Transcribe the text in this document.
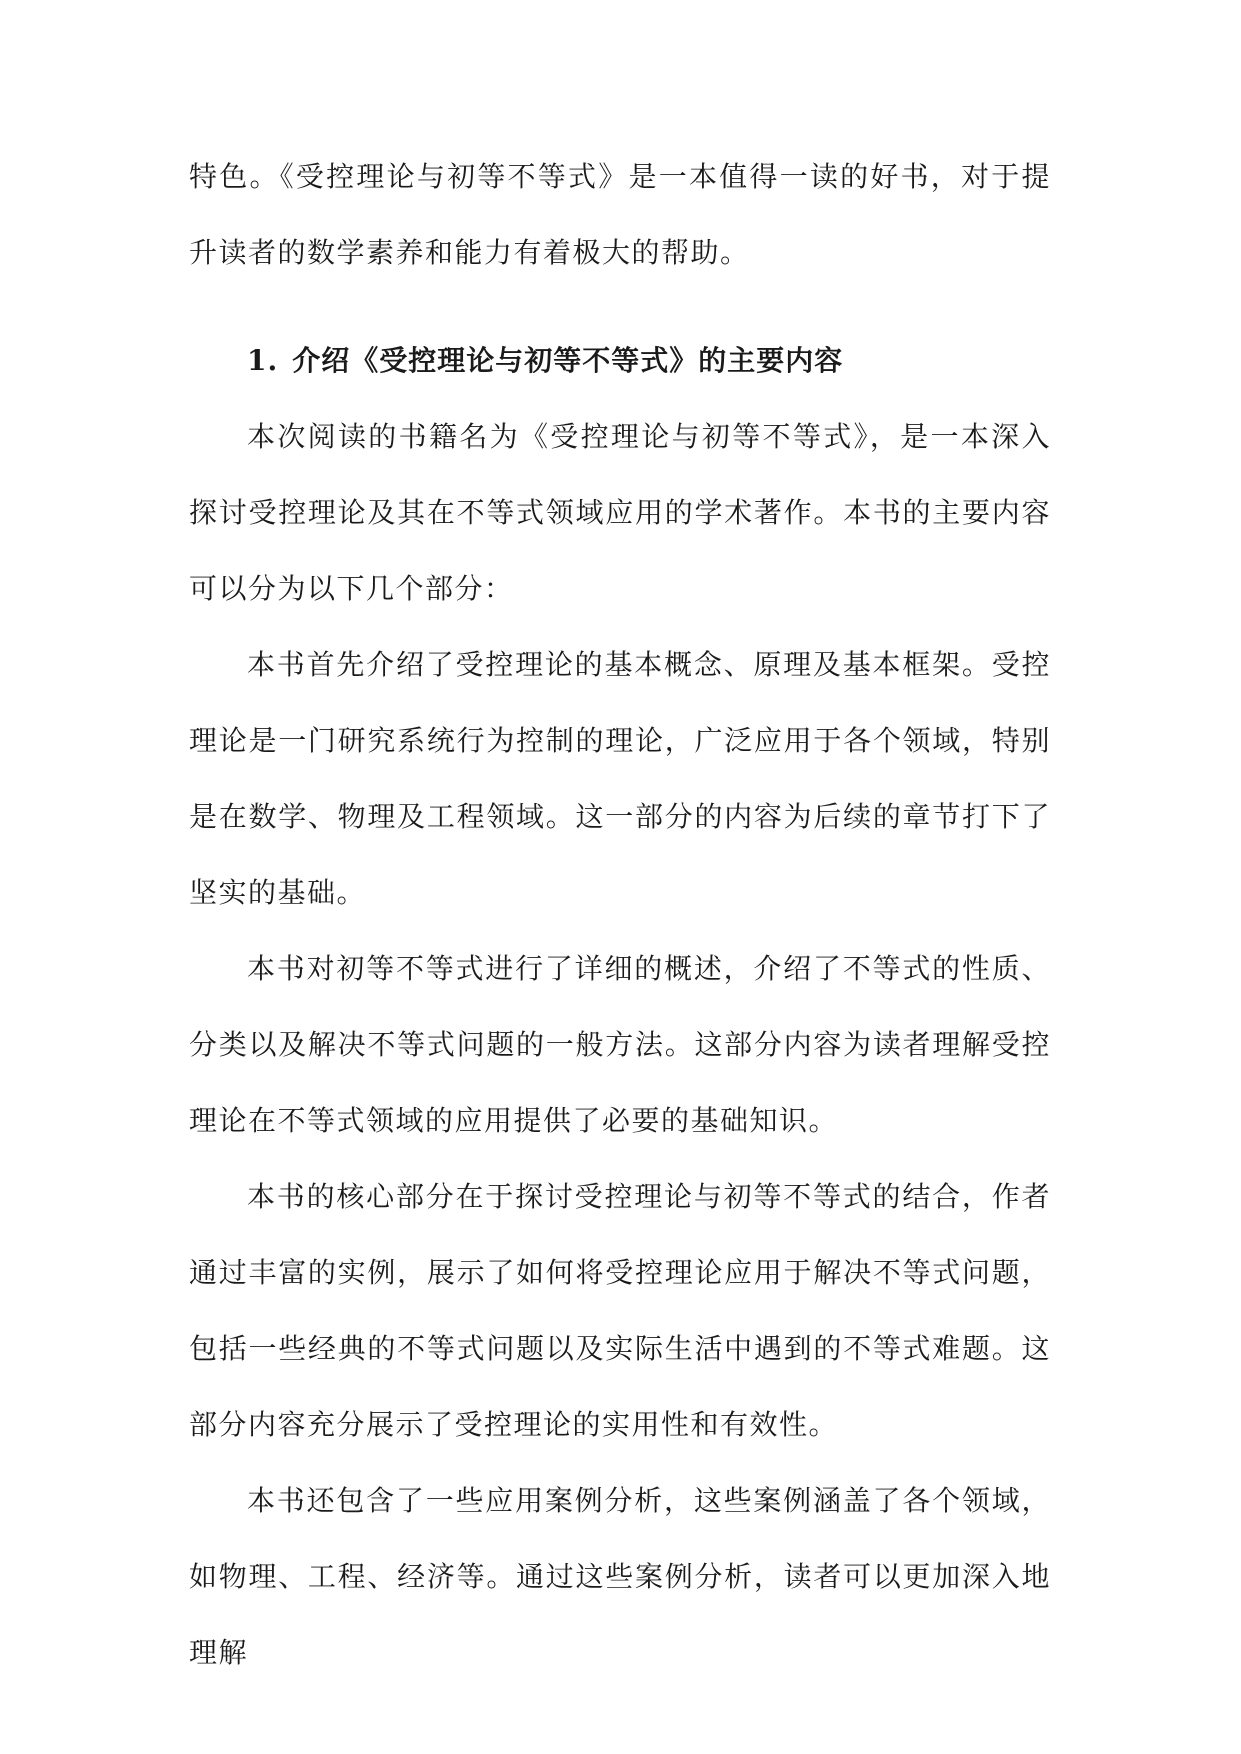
特色。《受控理论与初等不等式》是一本值得一读的好书，对于提升读者的数学素养和能力有着极大的帮助。

1. 介绍《受控理论与初等不等式》的主要内容

本次阅读的书籍名为《受控理论与初等不等式》，是一本深入探讨受控理论及其在不等式领域应用的学术著作。本书的主要内容可以分为以下几个部分：

本书首先介绍了受控理论的基本概念、原理及基本框架。受控理论是一门研究系统行为控制的理论，广泛应用于各个领域，特别是在数学、物理及工程领域。这一部分的内容为后续的章节打下了坚实的基础。

本书对初等不等式进行了详细的概述，介绍了不等式的性质、分类以及解决不等式问题的一般方法。这部分内容为读者理解受控理论在不等式领域的应用提供了必要的基础知识。

本书的核心部分在于探讨受控理论与初等不等式的结合，作者通过丰富的实例，展示了如何将受控理论应用于解决不等式问题，包括一些经典的不等式问题以及实际生活中遇到的不等式难题。这部分内容充分展示了受控理论的实用性和有效性。

本书还包含了一些应用案例分析，这些案例涵盖了各个领域，如物理、工程、经济等。通过这些案例分析，读者可以更加深入地理解
